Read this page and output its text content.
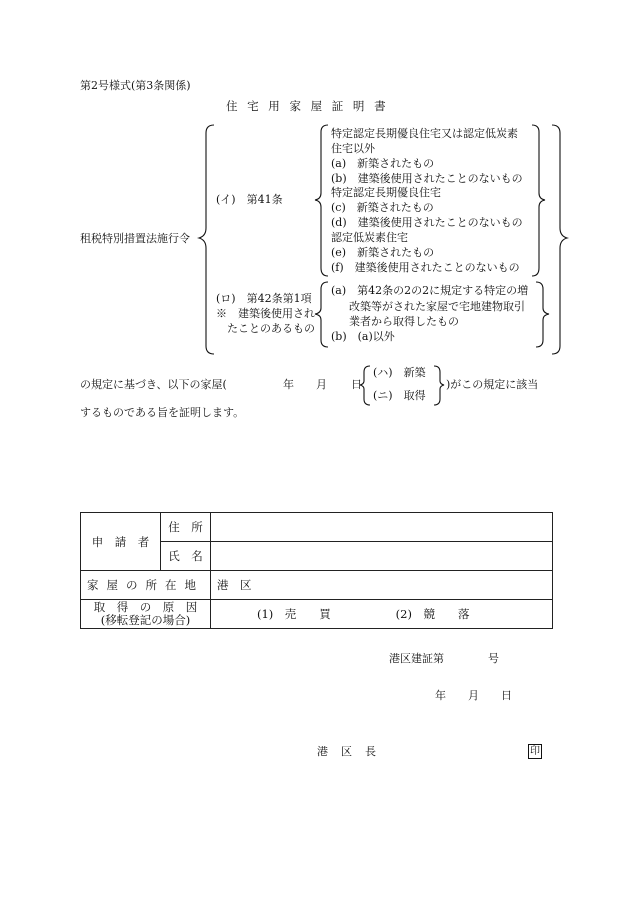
第2号様式(第3条関係)
住 宅 用 家 屋 証 明 書
租税特別措置法施行令
(イ)　第41条
(ロ)　第42条第1項
※　建築後使用され
たことのあるもの
特定認定長期優良住宅又は認定低炭素
住宅以外
(a)　新築されたもの
(b)　建築後使用されたことのないもの
特定認定長期優良住宅
(c)　新築されたもの
(d)　建築後使用されたことのないもの
認定低炭素住宅
(e)　新築されたもの
(f)　建築後使用されたことのないもの
(a)　第42条の2の2に規定する特定の増
改築等がされた家屋で宅地建物取引
業者から取得したもの
(b)　(a)以外
の規定に基づき、以下の家屋(	年 月 日
(ハ)　新築
(ニ)　取得
)がこの規定に該当
するものである旨を証明します。
申　請　者	住　所	
	氏　名	
家屋の所在地		港　区

取　得　の　原　因
(移転登記の場合)		(1)　売　　買 (2)　競　　落
港区建証第　　　　号
年　　月　　日
港　区　長	印
